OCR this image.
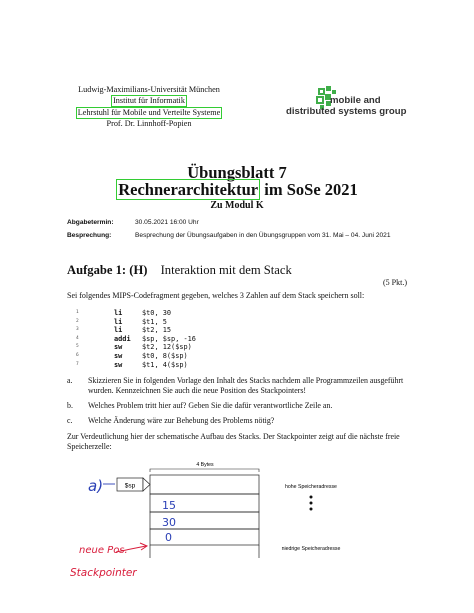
Ludwig-Maximilians-Universität München
Institut für Informatik
Lehrstuhl für Mobile und Verteilte Systeme
Prof. Dr. Linnhoff-Popien
mobile and
distributed systems group
Übungsblatt 7
Rechnerarchitektur im SoSe 2021
Zu Modul K
Abgabetermin:	30.05.2021 16:00 Uhr
Besprechung:	Besprechung der Übungsaufgaben in den Übungsgruppen vom 31. Mai – 04. Juni 2021
Aufgabe 1: (H) Interaktion mit dem Stack
(5 Pkt.)
Sei folgendes MIPS-Codefragment gegeben, welches 3 Zahlen auf dem Stack speichern soll:
1	li	$t0, 30
2	li	$t1, 5
3	li	$t2, 15
4	addi $sp, $sp, -16
5	sw	$t2, 12($sp)
6	sw	$t0, 8($sp)
7	sw	$t1, 4($sp)
a. Skizzieren Sie in folgenden Vorlage den Inhalt des Stacks nachdem alle Programmzeilen ausgeführt wurden. Kennzeichnen Sie auch die neue Position des Stackpointers!
b. Welches Problem tritt hier auf? Geben Sie die dafür verantwortliche Zeile an.
c. Welche Änderung wäre zur Behebung des Problems nötig?
Zur Verdeutlichung hier der schematische Aufbau des Stacks. Der Stackpointer zeigt auf die nächste freie Speicherzelle:
4 Bytes
$sp	hohe Speicheradresse
niedrige Speicheradresse
a)
15
30
0
neue Pos.
Stackpointer
